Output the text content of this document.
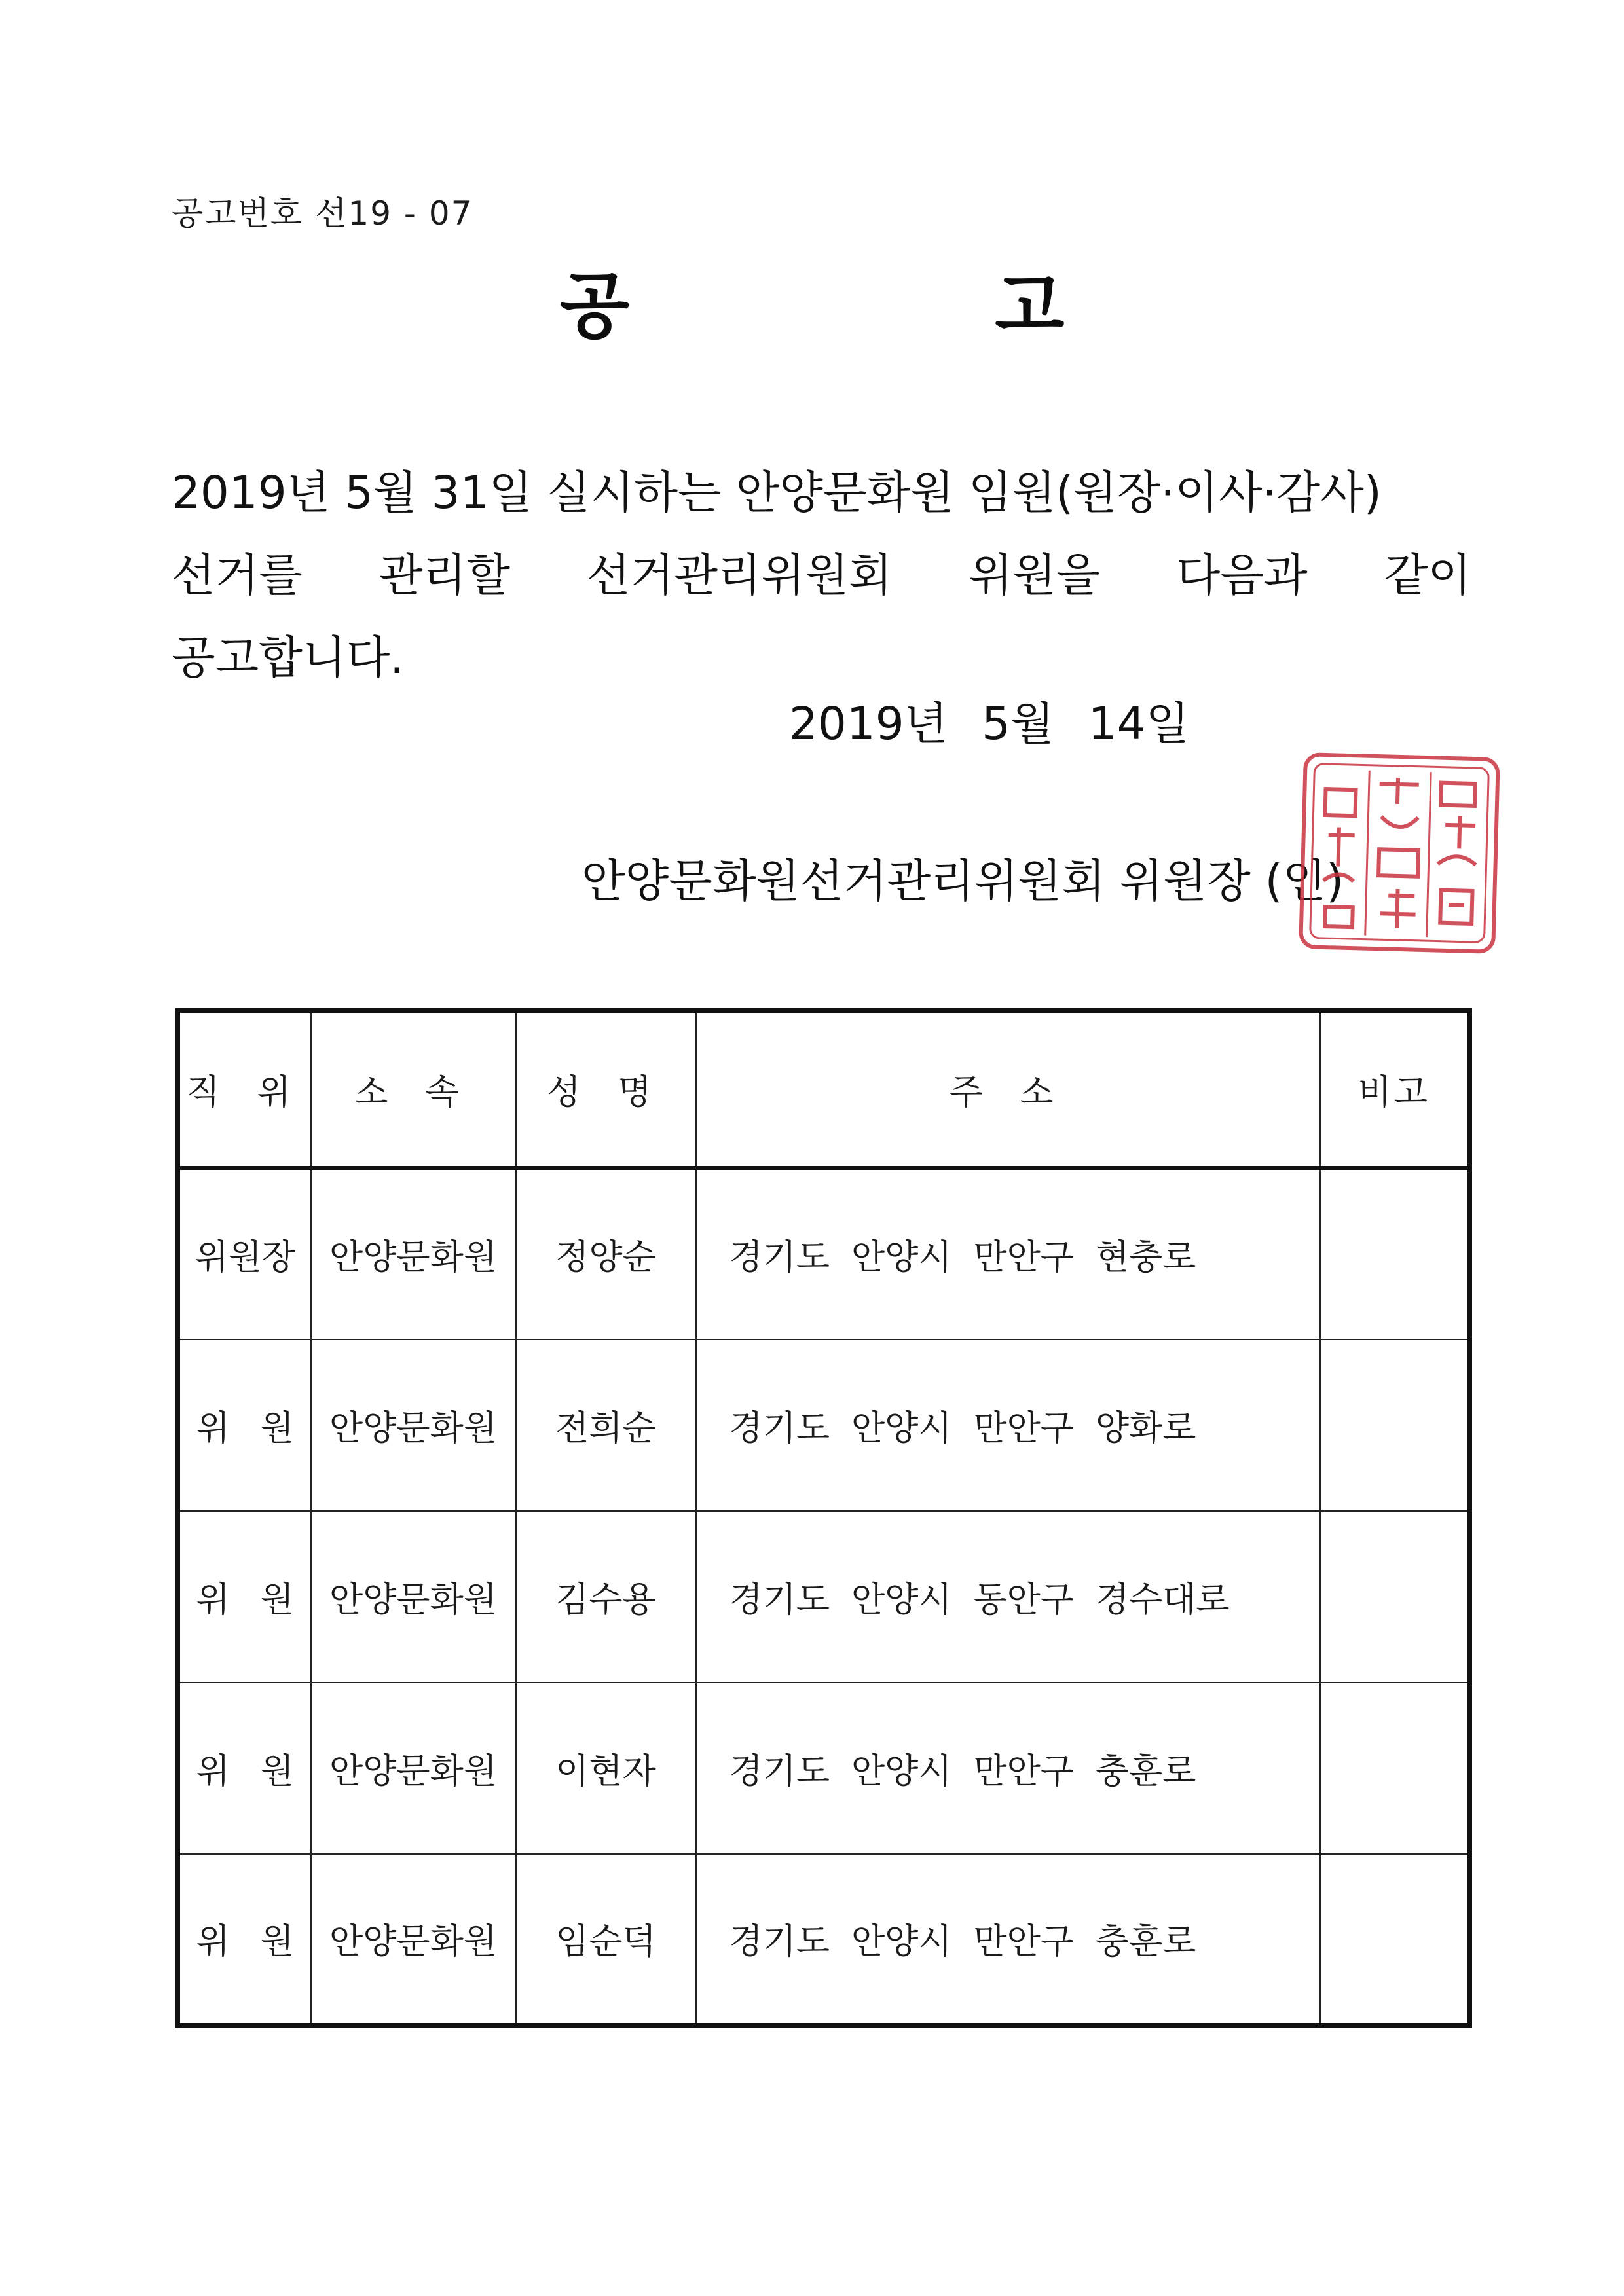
공고번호 선19 - 07
공 고
2019년 5월 31일 실시하는 안양문화원 임원(원장·이사·감사)
선거를 관리할 선거관리위원회 위원을 다음과 같이
공고합니다.
2019년 5월 14일
안양문화원선거관리위원회 위원장 (인)
직 위	소 속	성 명	주 소	비고
위원장	안양문화원	정양순	경기도 안양시 만안구 현충로	
위 원	안양문화원	전희순	경기도 안양시 만안구 양화로	
위 원	안양문화원	김수용	경기도 안양시 동안구 경수대로	
위 원	안양문화원	이현자	경기도 안양시 만안구 충훈로	
위 원	안양문화원	임순덕	경기도 안양시 만안구 충훈로	
